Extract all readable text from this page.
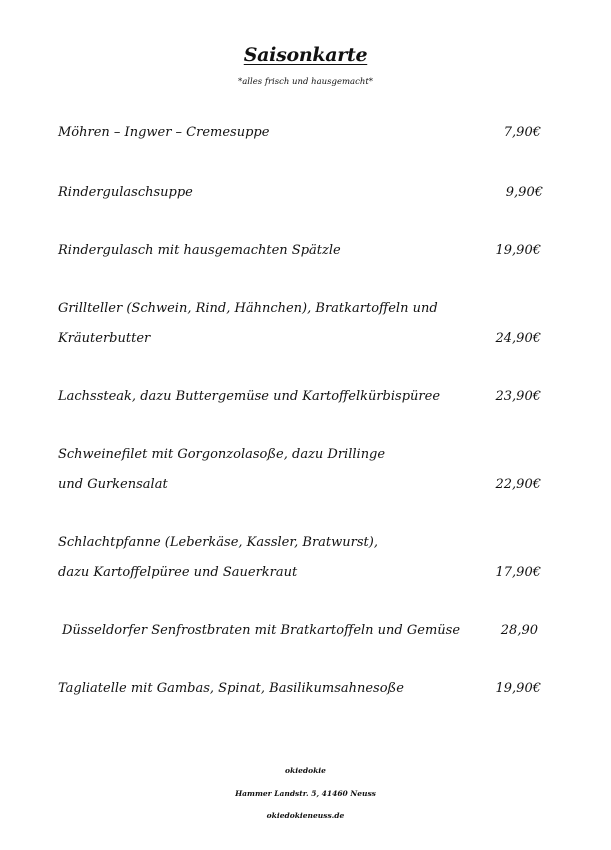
Saisonkarte
*alles frisch und hausgemacht*
Möhren – Ingwer – Cremesuppe	7,90€
Rindergulaschsuppe	9,90€
Rindergulasch mit hausgemachten Spätzle	19,90€
Grillteller (Schwein, Rind, Hähnchen), Bratkartoffeln und Kräuterbutter	24,90€
Lachssteak, dazu Buttergemüse und Kartoffelkürbispüree	23,90€
Schweinefilet mit Gorgonzolasoße, dazu Drillinge und Gurkensalat	22,90€
Schlachtpfanne (Leberkäse, Kassler, Bratwurst), dazu Kartoffelpüree und Sauerkraut	17,90€
Düsseldorfer Senfrostbraten mit Bratkartoffeln und Gemüse	28,90
Tagliatelle mit Gambas, Spinat, Basilikumsahnesoße	19,90€
okiedokie
Hammer Landstr. 5, 41460 Neuss
okiedokieneuss.de
